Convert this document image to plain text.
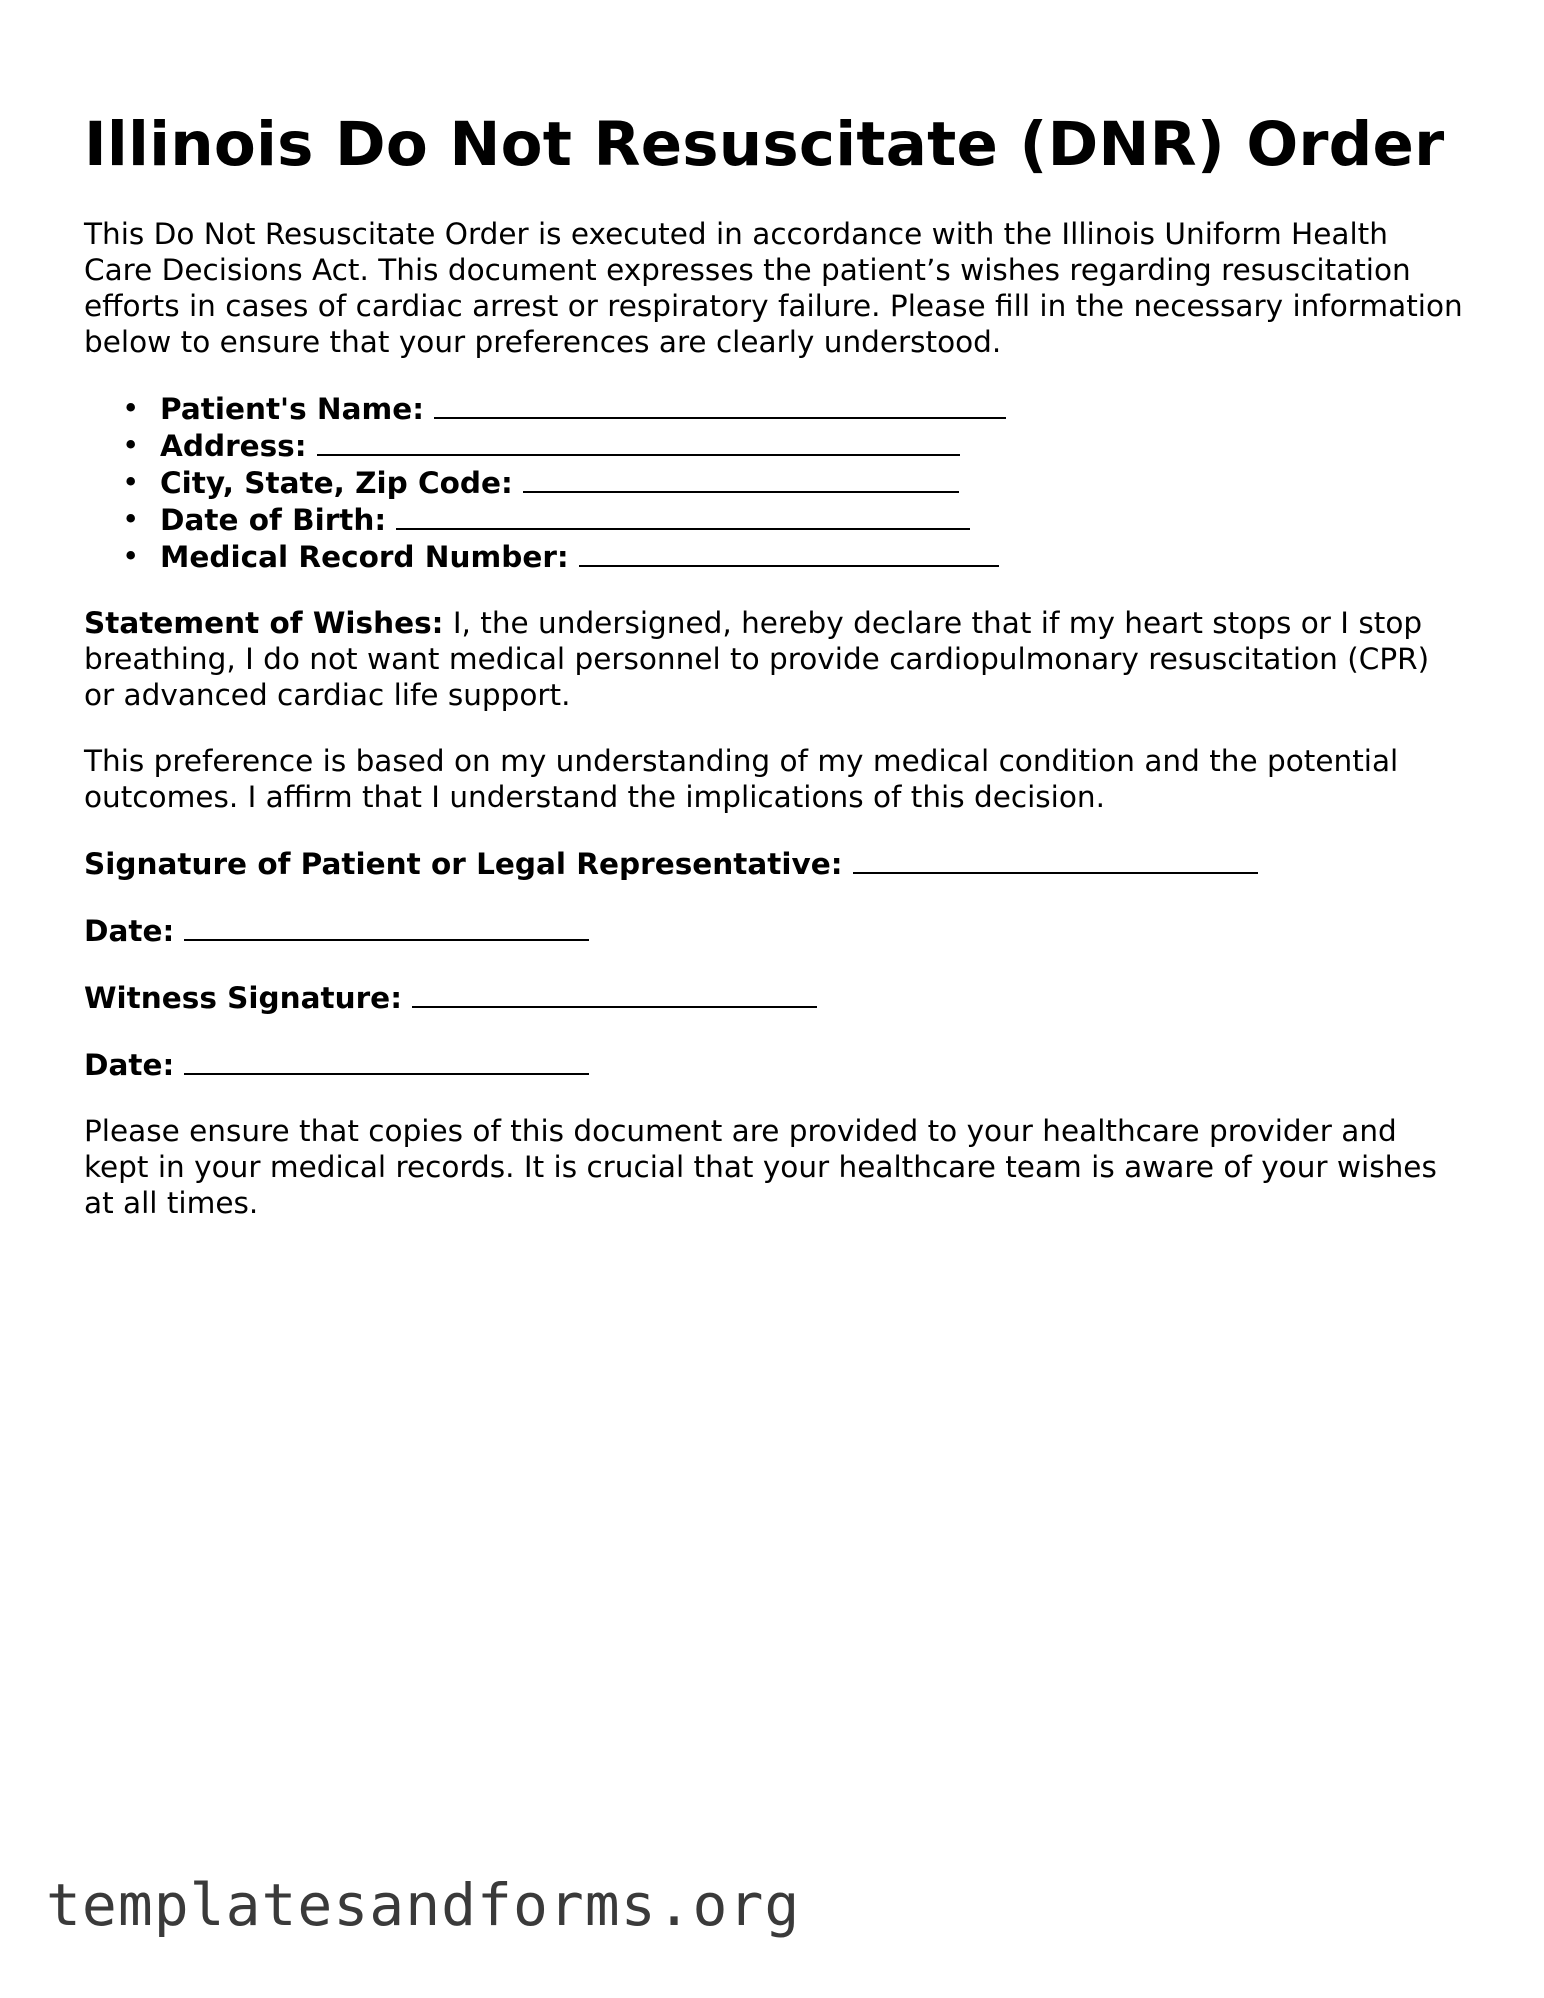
Illinois Do Not Resuscitate (DNR) Order

This Do Not Resuscitate Order is executed in accordance with the Illinois Uniform Health Care Decisions Act. This document expresses the patient’s wishes regarding resuscitation efforts in cases of cardiac arrest or respiratory failure. Please fill in the necessary information below to ensure that your preferences are clearly understood.

• Patient's Name:
• Address:
• City, State, Zip Code:
• Date of Birth:
• Medical Record Number:

Statement of Wishes: I, the undersigned, hereby declare that if my heart stops or I stop breathing, I do not want medical personnel to provide cardiopulmonary resuscitation (CPR) or advanced cardiac life support.

This preference is based on my understanding of my medical condition and the potential outcomes. I affirm that I understand the implications of this decision.

Signature of Patient or Legal Representative:
Date:
Witness Signature:
Date:

Please ensure that copies of this document are provided to your healthcare provider and kept in your medical records. It is crucial that your healthcare team is aware of your wishes at all times.

templatesandforms.org
